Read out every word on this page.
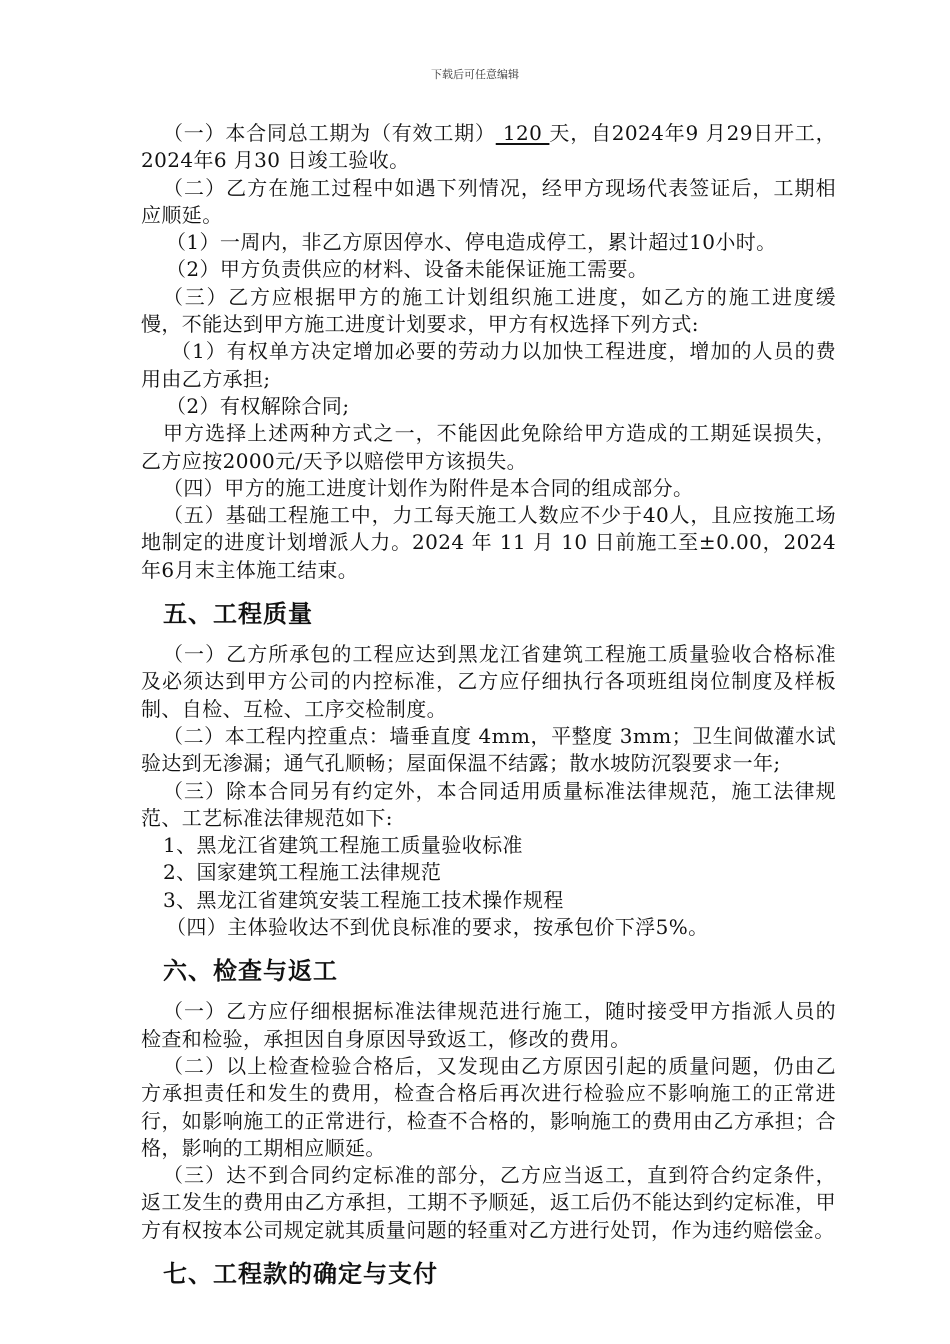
下载后可任意编辑

（一）本合同总工期为（有效工期） 120 天，自2024年9 月29日开工，2024年6 月30 日竣工验收。

（二）乙方在施工过程中如遇下列情况，经甲方现场代表签证后，工期相应顺延。

（1）一周内，非乙方原因停水、停电造成停工，累计超过10小时。

（2）甲方负责供应的材料、设备未能保证施工需要。

（三）乙方应根据甲方的施工计划组织施工进度，如乙方的施工进度缓慢，不能达到甲方施工进度计划要求，甲方有权选择下列方式:

（1）有权单方决定增加必要的劳动力以加快工程进度，增加的人员的费用由乙方承担;

（2）有权解除合同;

甲方选择上述两种方式之一，不能因此免除给甲方造成的工期延误损失，乙方应按2000元/天予以赔偿甲方该损失。

（四）甲方的施工进度计划作为附件是本合同的组成部分。

（五）基础工程施工中，力工每天施工人数应不少于40人，且应按施工场地制定的进度计划增派人力。2024 年 11 月 10 日前施工至±0.00，2024年6月末主体施工结束。

五、工程质量

（一）乙方所承包的工程应达到黑龙江省建筑工程施工质量验收合格标准及必须达到甲方公司的内控标准，乙方应仔细执行各项班组岗位制度及样板制、自检、互检、工序交检制度。

（二）本工程内控重点：墙垂直度 4mm，平整度 3mm；卫生间做灌水试验达到无渗漏；通气孔顺畅；屋面保温不结露；散水坡防沉裂要求一年;

（三）除本合同另有约定外，本合同适用质量标准法律规范，施工法律规范、工艺标准法律规范如下:

1、黑龙江省建筑工程施工质量验收标准

2、国家建筑工程施工法律规范

3、黑龙江省建筑安装工程施工技术操作规程

（四）主体验收达不到优良标准的要求，按承包价下浮5%。

六、检查与返工

（一）乙方应仔细根据标准法律规范进行施工，随时接受甲方指派人员的检查和检验，承担因自身原因导致返工，修改的费用。

（二）以上检查检验合格后，又发现由乙方原因引起的质量问题，仍由乙方承担责任和发生的费用，检查合格后再次进行检验应不影响施工的正常进行，如影响施工的正常进行，检查不合格的，影响施工的费用由乙方承担；合格，影响的工期相应顺延。

（三）达不到合同约定标准的部分，乙方应当返工，直到符合约定条件，返工发生的费用由乙方承担，工期不予顺延，返工后仍不能达到约定标准，甲方有权按本公司规定就其质量问题的轻重对乙方进行处罚，作为违约赔偿金。

七、工程款的确定与支付
